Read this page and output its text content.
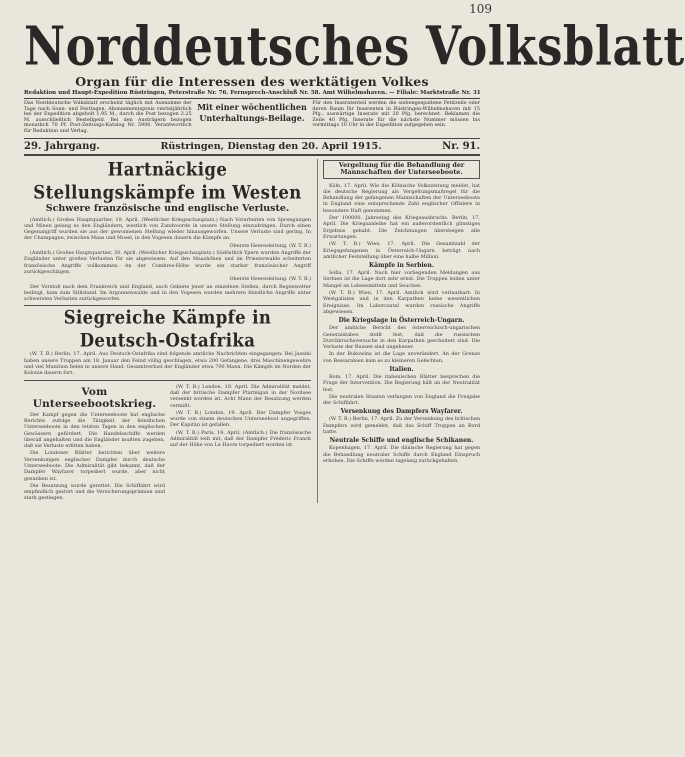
109
Norddeutsches Volksblatt
Organ für die Interessen des werktätigen Volkes
Redaktion und Haupt-Expedition Rüstringen, Peterstraße Nr. 76. Fernsprech-Anschluß Nr. 58. Amt Wilhelmshaven. — Filiale: Marktstraße Nr. 31
Das Norddeutsche Volksblatt erscheint täglich mit Ausnahme der Tage nach Sonn- und Festtagen. Abonnementspreis vierteljährlich bei der Expedition abgeholt 1.95 M., durch die Post bezogen 2.25 M. ausschließlich Bestellgeld. Bei den Austrägern bezogen monatlich 70 Pf. Post-Zeitungs-Katalog Nr. 5900. Verantwortlich für Redaktion und Verlag.
Mit einer wöchentlichen Unterhaltungs-Beilage.
Für den Inseratenteil werden die siebengespaltene Petitzeile oder deren Raum für Inserenten in Rüstringen-Wilhelmshaven mit 15 Pfg., auswärtige Inserate mit 20 Pfg. berechnet. Reklamen die Zeile 40 Pfg. Inserate für die nächste Nummer müssen bis vormittags 10 Uhr in der Expedition aufgegeben sein.
29. Jahrgang.	Rüstringen, Dienstag den 20. April 1915.	Nr. 91.
Hartnäckige Stellungskämpfe im Westen
Schwere französische und englische Verluste.

(Amtlich.) Großes Hauptquartier, 19. April. (Westlicher Kriegsschauplatz.) Nach Vorarbeiten von Sprengungen und Minen gelang es den Engländern, westlich von Zandvoorde in unsere Stellung einzudringen. Durch einen Gegenangriff wurden sie aus der gewonnenen Stellung wieder hinausgeworfen. Unsere Verluste sind gering. In der Champagne, zwischen Maas und Mosel, in den Vogesen dauern die Kämpfe an.

Oberste Heeresleitung. (W. T. B.)

(Amtlich.) Großes Hauptquartier, 20. April. (Westlicher Kriegsschauplatz.) Südöstlich Ypern wurden Angriffe der Engländer unter großen Verlusten für sie abgewiesen. Auf den Maashöhen und im Priesterwalde scheiterten französische Angriffe vollkommen. An der Combres-Höhe wurde ein starker französischer Angriff zurückgeschlagen.

Oberste Heeresleitung. (W. T. B.)

Der Vorstoß nach dem Frankreich und England, auch Gebiete jener an einzelnen Stellen, durch Regenwetter bedingt, kam zum Stillstand. Im Argonnenwalde und in den Vogesen wurden mehrere feindliche Angriffe unter schwersten Verlusten zurückgeworfen.

Siegreiche Kämpfe in Deutsch-Ostafrika

(W. T. B.) Berlin, 17. April. Aus Deutsch-Ostafrika sind folgende amtliche Nachrichten eingegangen: Bei Jassini haben unsere Truppen am 18. Januar den Feind völlig geschlagen, etwa 200 Gefangene, drei Maschinengewehre und viel Munition fielen in unsere Hand. Gesamtverlust der Engländer etwa 700 Mann. Die Kämpfe im Norden der Kolonie dauern fort.

Vom Unterseebootskrieg.

Der Kampf gegen die Unterseeboote hat englische Berichte zufolge die Tätigkeit der feindlichen Unterseeboote in den letzten Tagen in den englischen Gewässern gefördert. Die Handelsschiffe werden überall angehalten und die Engländer mußten zugeben, daß sie Verluste erlitten haben.

Die Londoner Blätter berichten über weitere Versenkungen englischer Dampfer durch deutsche Unterseeboote. Die Admiralität gibt bekannt, daß der Dampfer Wayfarer torpediert wurde, aber nicht gesunken ist.

Die Besatzung wurde gerettet. Die Schiffahrt wird empfindlich gestört und die Versicherungsprämien sind stark gestiegen.

(W. T. B.) London, 19. April. Die Admiralität meldet, daß der britische Dampfer Ptarmigan in der Nordsee versenkt worden ist. Acht Mann der Besatzung werden vermißt.

(W. T. B.) London, 19. April. Der Dampfer Vosges wurde von einem deutschen Unterseeboot angegriffen. Der Kapitän ist gefallen.

(W. T. B.) Paris, 19. April. (Amtlich.) Die französische Admiralität teilt mit, daß der Dampfer Frédéric Franck auf der Höhe von Le Havre torpediert worden ist.

Vergeltung für die Behandlung der Mannschaften der Unterseeboote.

Köln, 17. April. Wie die Kölnische Volkszeitung meldet, hat die deutsche Regierung als Vergeltungsmaßregel für die Behandlung der gefangenen Mannschaften der Unterseeboote in England eine entsprechende Zahl englischer Offiziere in besondere Haft genommen.

Der 100000. Jahrestag des Kriegsausbruchs. Berlin, 17. April. Die Kriegsanleihe hat ein außerordentlich günstiges Ergebnis gehabt. Die Zeichnungen übersteigen alle Erwartungen.

(W. T. B.) Wien, 17. April. Die Gesamtzahl der Kriegsgefangenen in Österreich-Ungarn beträgt nach amtlicher Feststellung über eine halbe Million.

Kämpfe in Serbien.

Sofia, 17. April. Nach hier vorliegenden Meldungen aus Serbien ist die Lage dort sehr ernst. Die Truppen leiden unter Mangel an Lebensmitteln und Seuchen.

(W. T. B.) Wien, 17. April. Amtlich wird verlautbart: In Westgalizien und in den Karpathen keine wesentlichen Ereignisse. Im Laborczatal wurden russische Angriffe abgewiesen.

Die Kriegslage in Österreich-Ungarn.

Der amtliche Bericht des österreichisch-ungarischen Generalstabes stellt fest, daß die russischen Durchbruchsversuche in den Karpathen gescheitert sind. Die Verluste der Russen sind ungeheuer.

In der Bukowina ist die Lage unverändert. An der Grenze von Bessarabien kam es zu kleineren Gefechten.

Italien.

Rom, 17. April. Die italienischen Blätter besprechen die Frage der Intervention. Die Regierung hält an der Neutralität fest.

Die neutralen Staaten verlangen von England die Freigabe der Schiffahrt.

Versenkung des Dampfers Wayfarer.

(W. T. B.) Berlin, 17. April. Zu der Versenkung des britischen Dampfers wird gemeldet, daß das Schiff Truppen an Bord hatte.

Neutrale Schiffe und englische Schikanen.

Kopenhagen, 17. April. Die dänische Regierung hat gegen die Behandlung neutraler Schiffe durch England Einspruch erhoben. Die Schiffe werden tagelang zurückgehalten.
